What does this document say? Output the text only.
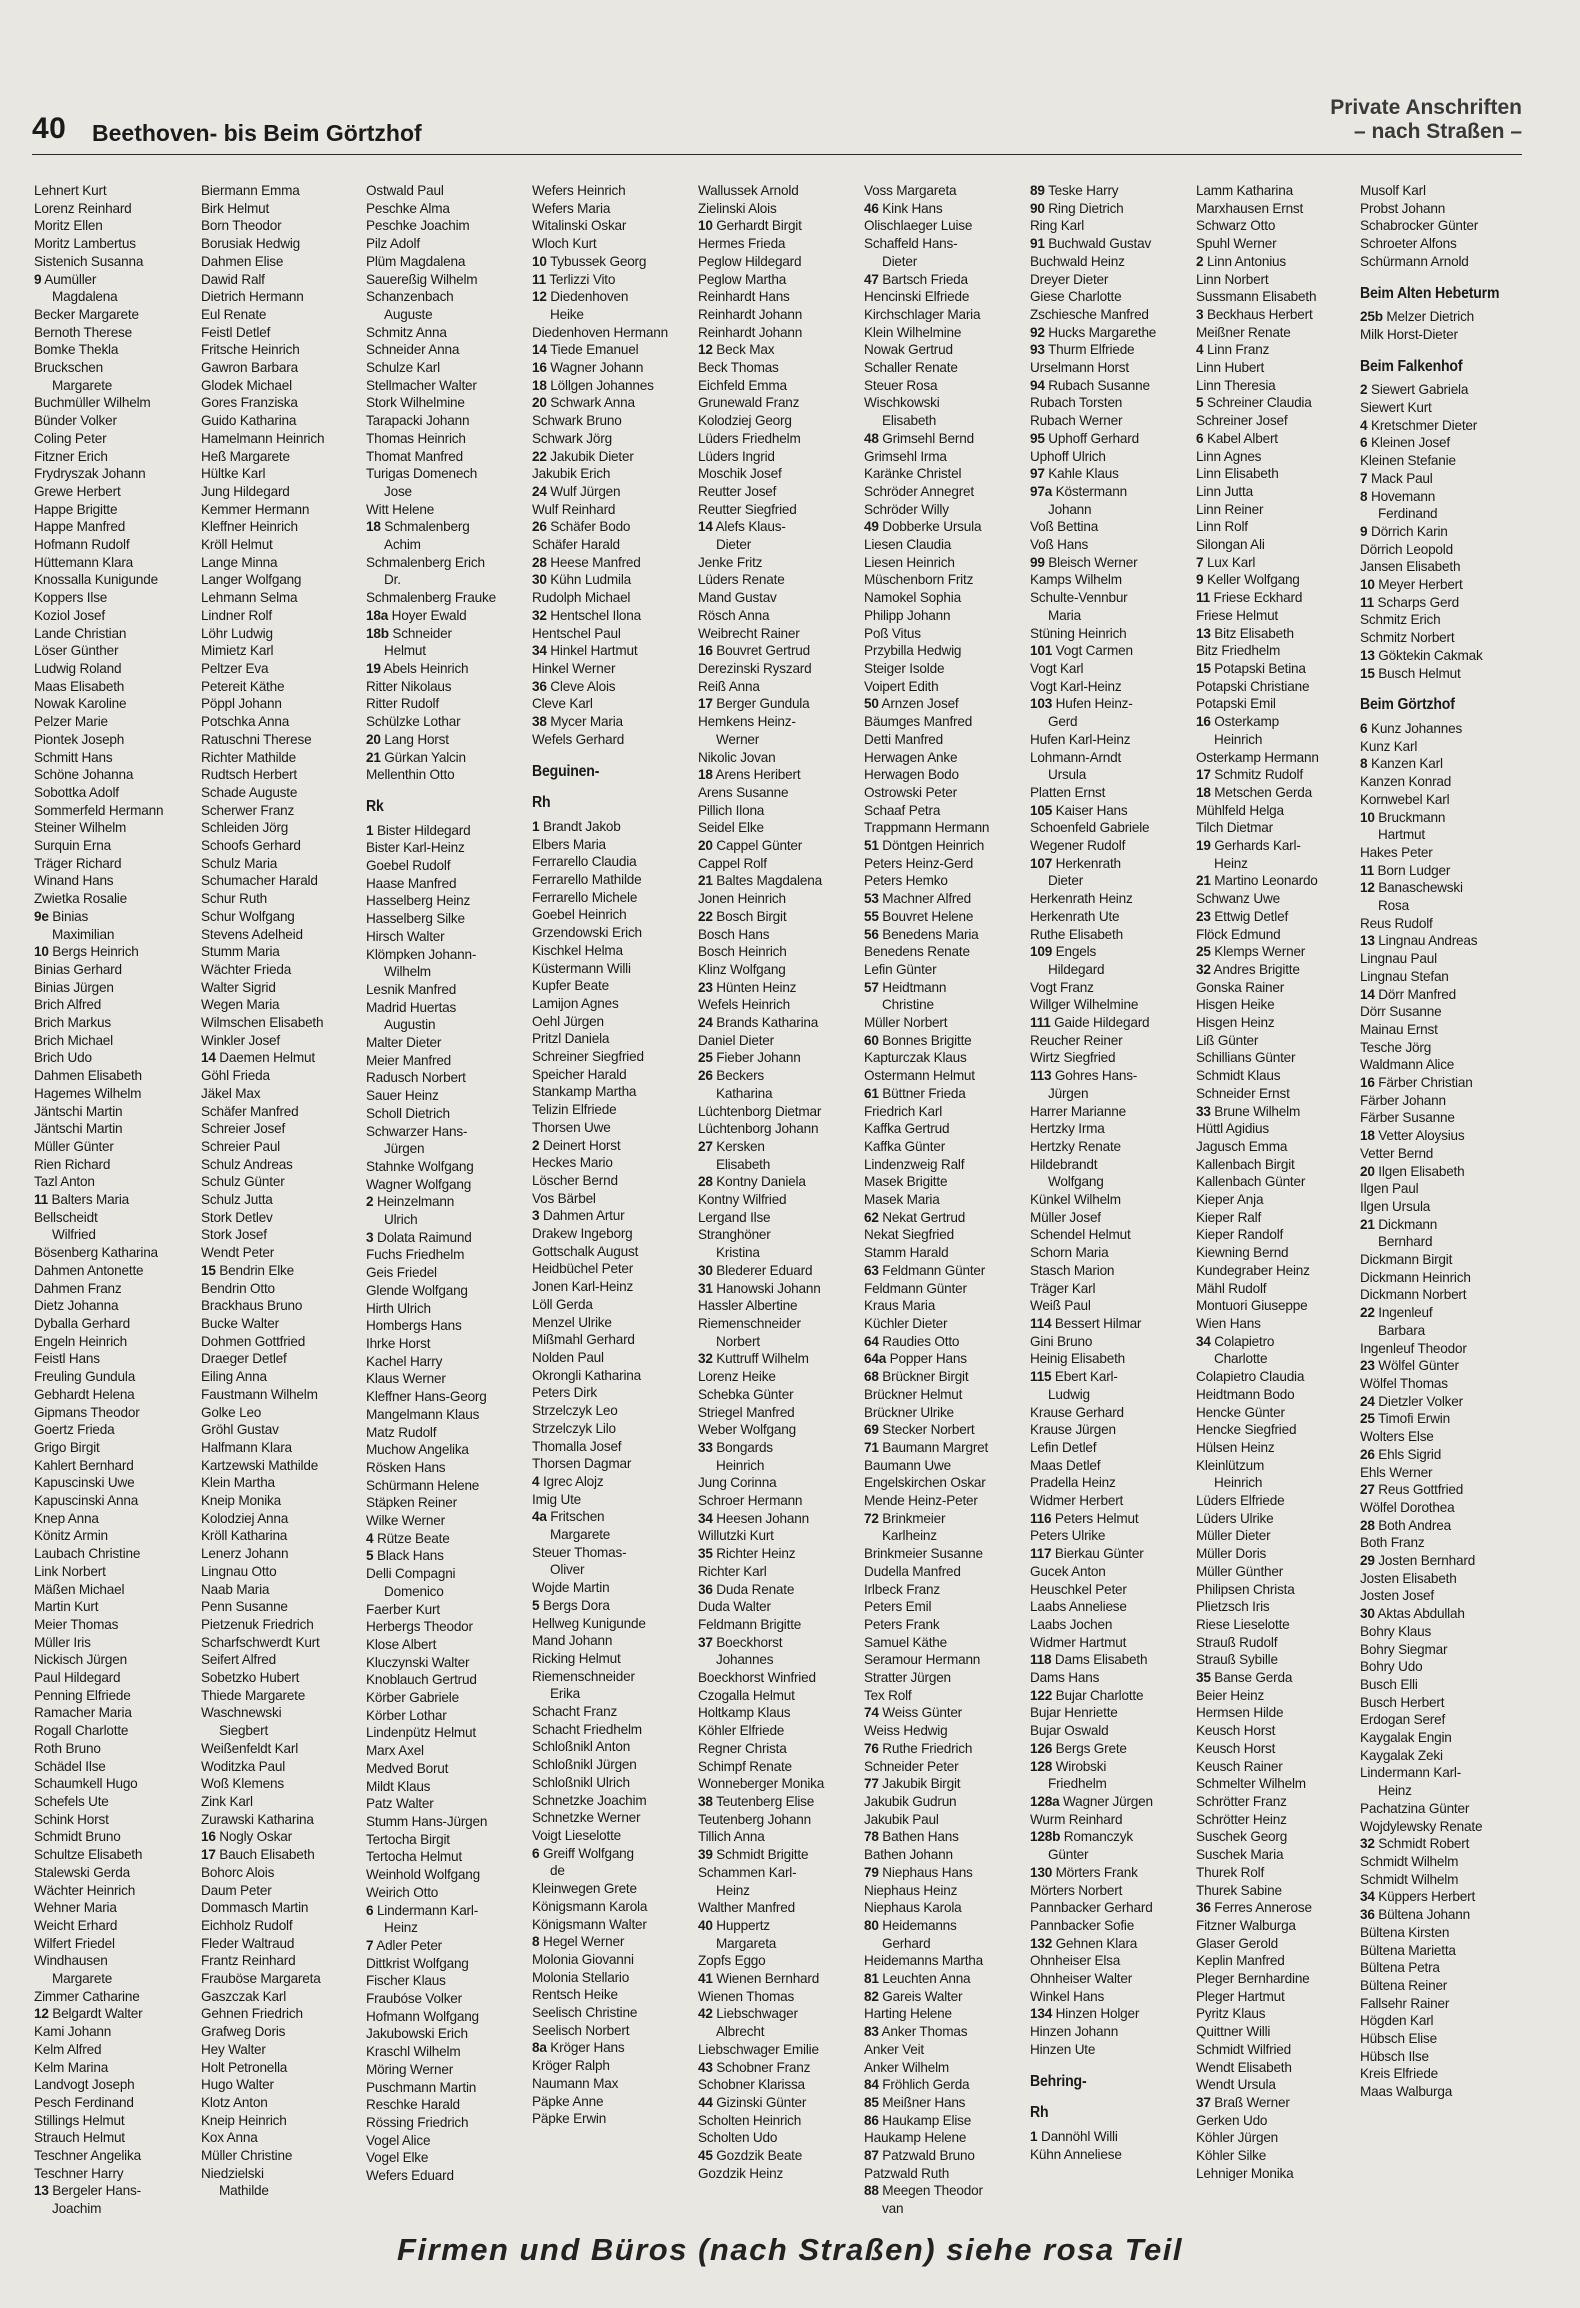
40 Beethoven- bis Beim Görtzhof
Private Anschriften
– nach Straßen –
Lehnert Kurt
Lorenz Reinhard
Moritz Ellen
Moritz Lambertus
Sistenich Susanna
9 Aumüller
Magdalena
Becker Margarete
Bernoth Therese
Bomke Thekla
Bruckschen
Margarete
Buchmüller Wilhelm
Bünder Volker
Coling Peter
Fitzner Erich
Frydryszak Johann
Grewe Herbert
Happe Brigitte
Happe Manfred
Hofmann Rudolf
Hüttemann Klara
Knossalla Kunigunde
Koppers Ilse
Koziol Josef
Lande Christian
Löser Günther
Ludwig Roland
Maas Elisabeth
Nowak Karoline
Pelzer Marie
Piontek Joseph
Schmitt Hans
Schöne Johanna
Sobottka Adolf
Sommerfeld Hermann
Steiner Wilhelm
Surquin Erna
Träger Richard
Winand Hans
Zwietka Rosalie
9e Binias
Maximilian
10 Bergs Heinrich
Binias Gerhard
Binias Jürgen
Brich Alfred
Brich Markus
Brich Michael
Brich Udo
Dahmen Elisabeth
Hagemes Wilhelm
Jäntschi Martin
Jäntschi Martin
Müller Günter
Rien Richard
Tazl Anton
11 Balters Maria
Bellscheidt
Wilfried
Bösenberg Katharina
Dahmen Antonette
Dahmen Franz
Dietz Johanna
Dyballa Gerhard
Engeln Heinrich
Feistl Hans
Freuling Gundula
Gebhardt Helena
Gipmans Theodor
Goertz Frieda
Grigo Birgit
Kahlert Bernhard
Kapuscinski Uwe
Kapuscinski Anna
Knep Anna
Könitz Armin
Laubach Christine
Link Norbert
Mäßen Michael
Martin Kurt
Meier Thomas
Müller Iris
Nickisch Jürgen
Paul Hildegard
Penning Elfriede
Ramacher Maria
Rogall Charlotte
Roth Bruno
Schädel Ilse
Schaumkell Hugo
Schefels Ute
Schink Horst
Schmidt Bruno
Schultze Elisabeth
Stalewski Gerda
Wächter Heinrich
Wehner Maria
Weicht Erhard
Wilfert Friedel
Windhausen
Margarete
Zimmer Catharine
12 Belgardt Walter
Kami Johann
Kelm Alfred
Kelm Marina
Landvogt Joseph
Pesch Ferdinand
Stillings Helmut
Strauch Helmut
Teschner Angelika
Teschner Harry
13 Bergeler Hans-
Joachim
Biermann Emma
Birk Helmut
Born Theodor
Borusiak Hedwig
Dahmen Elise
Dawid Ralf
Dietrich Hermann
Eul Renate
Feistl Detlef
Fritsche Heinrich
Gawron Barbara
Glodek Michael
Gores Franziska
Guido Katharina
Hamelmann Heinrich
Heß Margarete
Hültke Karl
Jung Hildegard
Kemmer Hermann
Kleffner Heinrich
Kröll Helmut
Lange Minna
Langer Wolfgang
Lehmann Selma
Lindner Rolf
Löhr Ludwig
Mimietz Karl
Peltzer Eva
Petereit Käthe
Pöppl Johann
Potschka Anna
Ratuschni Therese
Richter Mathilde
Rudtsch Herbert
Schade Auguste
Scherwer Franz
Schleiden Jörg
Schoofs Gerhard
Schulz Maria
Schumacher Harald
Schur Ruth
Schur Wolfgang
Stevens Adelheid
Stumm Maria
Wächter Frieda
Walter Sigrid
Wegen Maria
Wilmschen Elisabeth
Winkler Josef
14 Daemen Helmut
Göhl Frieda
Jäkel Max
Schäfer Manfred
Schreier Josef
Schreier Paul
Schulz Andreas
Schulz Günter
Schulz Jutta
Stork Detlev
Stork Josef
Wendt Peter
15 Bendrin Elke
Bendrin Otto
Brackhaus Bruno
Bucke Walter
Dohmen Gottfried
Draeger Detlef
Eiling Anna
Faustmann Wilhelm
Golke Leo
Gröhl Gustav
Halfmann Klara
Kartzewski Mathilde
Klein Martha
Kneip Monika
Kolodziej Anna
Kröll Katharina
Lenerz Johann
Lingnau Otto
Naab Maria
Penn Susanne
Pietzenuk Friedrich
Scharfschwerdt Kurt
Seifert Alfred
Sobetzko Hubert
Thiede Margarete
Waschnewski
Siegbert
Weißenfeldt Karl
Woditzka Paul
Woß Klemens
Zink Karl
Zurawski Katharina
16 Nogly Oskar
17 Bauch Elisabeth
Bohorc Alois
Daum Peter
Dommasch Martin
Eichholz Rudolf
Fleder Waltraud
Frantz Reinhard
Frauböse Margareta
Gaszczak Karl
Gehnen Friedrich
Grafweg Doris
Hey Walter
Holt Petronella
Hugo Walter
Klotz Anton
Kneip Heinrich
Kox Anna
Müller Christine
Niedzielski
Mathilde
Ostwald Paul
Peschke Alma
Peschke Joachim
Pilz Adolf
Plüm Magdalena
Sauereßig Wilhelm
Schanzenbach
Auguste
Schmitz Anna
Schneider Anna
Schulze Karl
Stellmacher Walter
Stork Wilhelmine
Tarapacki Johann
Thomas Heinrich
Thomat Manfred
Turigas Domenech
Jose
Witt Helene
18 Schmalenberg
Achim
Schmalenberg Erich
Dr.
Schmalenberg Frauke
18a Hoyer Ewald
18b Schneider
Helmut
19 Abels Heinrich
Ritter Nikolaus
Ritter Rudolf
Schülzke Lothar
20 Lang Horst
21 Gürkan Yalcin
Mellenthin Otto
Rk
1 Bister Hildegard
Bister Karl-Heinz
Goebel Rudolf
Haase Manfred
Hasselberg Heinz
Hasselberg Silke
Hirsch Walter
Klömpken Johann-
Wilhelm
Lesnik Manfred
Madrid Huertas
Augustin
Malter Dieter
Meier Manfred
Radusch Norbert
Sauer Heinz
Scholl Dietrich
Schwarzer Hans-
Jürgen
Stahnke Wolfgang
Wagner Wolfgang
2 Heinzelmann
Ulrich
3 Dolata Raimund
Fuchs Friedhelm
Geis Friedel
Glende Wolfgang
Hirth Ulrich
Hombergs Hans
Ihrke Horst
Kachel Harry
Klaus Werner
Kleffner Hans-Georg
Mangelmann Klaus
Matz Rudolf
Muchow Angelika
Rösken Hans
Schürmann Helene
Stäpken Reiner
Wilke Werner
4 Rütze Beate
5 Black Hans
Delli Compagni
Domenico
Faerber Kurt
Herbergs Theodor
Klose Albert
Kluczynski Walter
Knoblauch Gertrud
Körber Gabriele
Körber Lothar
Lindenpütz Helmut
Marx Axel
Medved Borut
Mildt Klaus
Patz Walter
Stumm Hans-Jürgen
Tertocha Birgit
Tertocha Helmut
Weinhold Wolfgang
Weirich Otto
6 Lindermann Karl-
Heinz
7 Adler Peter
Dittkrist Wolfgang
Fischer Klaus
Fraubóse Volker
Hofmann Wolfgang
Jakubowski Erich
Kraschl Wilhelm
Möring Werner
Puschmann Martin
Reschke Harald
Rössing Friedrich
Vogel Alice
Vogel Elke
Wefers Eduard
Wefers Heinrich
Wefers Maria
Witalinski Oskar
Wloch Kurt
10 Tybussek Georg
11 Terlizzi Vito
12 Diedenhoven
Heike
Diedenhoven Hermann
14 Tiede Emanuel
16 Wagner Johann
18 Löllgen Johannes
20 Schwark Anna
Schwark Bruno
Schwark Jörg
22 Jakubik Dieter
Jakubik Erich
24 Wulf Jürgen
Wulf Reinhard
26 Schäfer Bodo
Schäfer Harald
28 Heese Manfred
30 Kühn Ludmila
Rudolph Michael
32 Hentschel Ilona
Hentschel Paul
34 Hinkel Hartmut
Hinkel Werner
36 Cleve Alois
Cleve Karl
38 Mycer Maria
Wefels Gerhard
Beguinen-
Rh
1 Brandt Jakob
Elbers Maria
Ferrarello Claudia
Ferrarello Mathilde
Ferrarello Michele
Goebel Heinrich
Grzendowski Erich
Kischkel Helma
Küstermann Willi
Kupfer Beate
Lamijon Agnes
Oehl Jürgen
Pritzl Daniela
Schreiner Siegfried
Speicher Harald
Stankamp Martha
Telizin Elfriede
Thorsen Uwe
2 Deinert Horst
Heckes Mario
Löscher Bernd
Vos Bärbel
3 Dahmen Artur
Drakew Ingeborg
Gottschalk August
Heidbüchel Peter
Jonen Karl-Heinz
Löll Gerda
Menzel Ulrike
Mißmahl Gerhard
Nolden Paul
Okrongli Katharina
Peters Dirk
Strzelczyk Leo
Strzelczyk Lilo
Thomalla Josef
Thorsen Dagmar
4 Igrec Alojz
Imig Ute
4a Fritschen
Margarete
Steuer Thomas-
Oliver
Wojde Martin
5 Bergs Dora
Hellweg Kunigunde
Mand Johann
Ricking Helmut
Riemenschneider
Erika
Schacht Franz
Schacht Friedhelm
Schloßnikl Anton
Schloßnikl Jürgen
Schloßnikl Ulrich
Schnetzke Joachim
Schnetzke Werner
Voigt Lieselotte
6 Greiff Wolfgang
de
Kleinwegen Grete
Königsmann Karola
Königsmann Walter
8 Hegel Werner
Molonia Giovanni
Molonia Stellario
Rentsch Heike
Seelisch Christine
Seelisch Norbert
8a Kröger Hans
Kröger Ralph
Naumann Max
Päpke Anne
Päpke Erwin
Wallussek Arnold
Zielinski Alois
10 Gerhardt Birgit
Hermes Frieda
Peglow Hildegard
Peglow Martha
Reinhardt Hans
Reinhardt Johann
Reinhardt Johann
12 Beck Max
Beck Thomas
Eichfeld Emma
Grunewald Franz
Kolodziej Georg
Lüders Friedhelm
Lüders Ingrid
Moschik Josef
Reutter Josef
Reutter Siegfried
14 Alefs Klaus-
Dieter
Jenke Fritz
Lüders Renate
Mand Gustav
Rösch Anna
Weibrecht Rainer
16 Bouvret Gertrud
Derezinski Ryszard
Reiß Anna
17 Berger Gundula
Hemkens Heinz-
Werner
Nikolic Jovan
18 Arens Heribert
Arens Susanne
Pillich Ilona
Seidel Elke
20 Cappel Günter
Cappel Rolf
21 Baltes Magdalena
Jonen Heinrich
22 Bosch Birgit
Bosch Hans
Bosch Heinrich
Klinz Wolfgang
23 Hünten Heinz
Wefels Heinrich
24 Brands Katharina
Daniel Dieter
25 Fieber Johann
26 Beckers
Katharina
Lüchtenborg Dietmar
Lüchtenborg Johann
27 Kersken
Elisabeth
28 Kontny Daniela
Kontny Wilfried
Lergand Ilse
Stranghöner
Kristina
30 Blederer Eduard
31 Hanowski Johann
Hassler Albertine
Riemenschneider
Norbert
32 Kuttruff Wilhelm
Lorenz Heike
Schebka Günter
Striegel Manfred
Weber Wolfgang
33 Bongards
Heinrich
Jung Corinna
Schroer Hermann
34 Heesen Johann
Willutzki Kurt
35 Richter Heinz
Richter Karl
36 Duda Renate
Duda Walter
Feldmann Brigitte
37 Boeckhorst
Johannes
Boeckhorst Winfried
Czogalla Helmut
Holtkamp Klaus
Köhler Elfriede
Regner Christa
Schimpf Renate
Wonneberger Monika
38 Teutenberg Elise
Teutenberg Johann
Tillich Anna
39 Schmidt Brigitte
Schammen Karl-
Heinz
Walther Manfred
40 Huppertz
Margareta
Zopfs Eggo
41 Wienen Bernhard
Wienen Thomas
42 Liebschwager
Albrecht
Liebschwager Emilie
43 Schobner Franz
Schobner Klarissa
44 Gizinski Günter
Scholten Heinrich
Scholten Udo
45 Gozdzik Beate
Gozdzik Heinz
Voss Margareta
46 Kink Hans
Olischlaeger Luise
Schaffeld Hans-
Dieter
47 Bartsch Frieda
Hencinski Elfriede
Kirchschlager Maria
Klein Wilhelmine
Nowak Gertrud
Schaller Renate
Steuer Rosa
Wischkowski
Elisabeth
48 Grimsehl Bernd
Grimsehl Irma
Karänke Christel
Schröder Annegret
Schröder Willy
49 Dobberke Ursula
Liesen Claudia
Liesen Heinrich
Müschenborn Fritz
Namokel Sophia
Philipp Johann
Poß Vitus
Przybilla Hedwig
Steiger Isolde
Voipert Edith
50 Arnzen Josef
Bäumges Manfred
Detti Manfred
Herwagen Anke
Herwagen Bodo
Ostrowski Peter
Schaaf Petra
Trappmann Hermann
51 Döntgen Heinrich
Peters Heinz-Gerd
Peters Hemko
53 Machner Alfred
55 Bouvret Helene
56 Benedens Maria
Benedens Renate
Lefin Günter
57 Heidtmann
Christine
Müller Norbert
60 Bonnes Brigitte
Kapturczak Klaus
Ostermann Helmut
61 Büttner Frieda
Friedrich Karl
Kaffka Gertrud
Kaffka Günter
Lindenzweig Ralf
Masek Brigitte
Masek Maria
62 Nekat Gertrud
Nekat Siegfried
Stamm Harald
63 Feldmann Günter
Feldmann Günter
Kraus Maria
Küchler Dieter
64 Raudies Otto
64a Popper Hans
68 Brückner Birgit
Brückner Helmut
Brückner Ulrike
69 Stecker Norbert
71 Baumann Margret
Baumann Uwe
Engelskirchen Oskar
Mende Heinz-Peter
72 Brinkmeier
Karlheinz
Brinkmeier Susanne
Dudella Manfred
Irlbeck Franz
Peters Emil
Peters Frank
Samuel Käthe
Seramour Hermann
Stratter Jürgen
Tex Rolf
74 Weiss Günter
Weiss Hedwig
76 Ruthe Friedrich
Schneider Peter
77 Jakubik Birgit
Jakubik Gudrun
Jakubik Paul
78 Bathen Hans
Bathen Johann
79 Niephaus Hans
Niephaus Heinz
Niephaus Karola
80 Heidemanns
Gerhard
Heidemanns Martha
81 Leuchten Anna
82 Gareis Walter
Harting Helene
83 Anker Thomas
Anker Veit
Anker Wilhelm
84 Fröhlich Gerda
85 Meißner Hans
86 Haukamp Elise
Haukamp Helene
87 Patzwald Bruno
Patzwald Ruth
88 Meegen Theodor
van
89 Teske Harry
90 Ring Dietrich
Ring Karl
91 Buchwald Gustav
Buchwald Heinz
Dreyer Dieter
Giese Charlotte
Zschiesche Manfred
92 Hucks Margarethe
93 Thurm Elfriede
Urselmann Horst
94 Rubach Susanne
Rubach Torsten
Rubach Werner
95 Uphoff Gerhard
Uphoff Ulrich
97 Kahle Klaus
97a Köstermann
Johann
Voß Bettina
Voß Hans
99 Bleisch Werner
Kamps Wilhelm
Schulte-Vennbur
Maria
Stüning Heinrich
101 Vogt Carmen
Vogt Karl
Vogt Karl-Heinz
103 Hufen Heinz-
Gerd
Hufen Karl-Heinz
Lohmann-Arndt
Ursula
Platten Ernst
105 Kaiser Hans
Schoenfeld Gabriele
Wegener Rudolf
107 Herkenrath
Dieter
Herkenrath Heinz
Herkenrath Ute
Ruthe Elisabeth
109 Engels
Hildegard
Vogt Franz
Willger Wilhelmine
111 Gaide Hildegard
Reucher Reiner
Wirtz Siegfried
113 Gohres Hans-
Jürgen
Harrer Marianne
Hertzky Irma
Hertzky Renate
Hildebrandt
Wolfgang
Künkel Wilhelm
Müller Josef
Schendel Helmut
Schorn Maria
Stasch Marion
Träger Karl
Weiß Paul
114 Bessert Hilmar
Gini Bruno
Heinig Elisabeth
115 Ebert Karl-
Ludwig
Krause Gerhard
Krause Jürgen
Lefin Detlef
Maas Detlef
Pradella Heinz
Widmer Herbert
116 Peters Helmut
Peters Ulrike
117 Bierkau Günter
Gucek Anton
Heuschkel Peter
Laabs Anneliese
Laabs Jochen
Widmer Hartmut
118 Dams Elisabeth
Dams Hans
122 Bujar Charlotte
Bujar Henriette
Bujar Oswald
126 Bergs Grete
128 Wirobski
Friedhelm
128a Wagner Jürgen
Wurm Reinhard
128b Romanczyk
Günter
130 Mörters Frank
Mörters Norbert
Pannbacker Gerhard
Pannbacker Sofie
132 Gehnen Klara
Ohnheiser Elsa
Ohnheiser Walter
Winkel Hans
134 Hinzen Holger
Hinzen Johann
Hinzen Ute
Behring-
Rh
1 Dannöhl Willi
Kühn Anneliese
Lamm Katharina
Marxhausen Ernst
Schwarz Otto
Spuhl Werner
2 Linn Antonius
Linn Norbert
Sussmann Elisabeth
3 Beckhaus Herbert
Meißner Renate
4 Linn Franz
Linn Hubert
Linn Theresia
5 Schreiner Claudia
Schreiner Josef
6 Kabel Albert
Linn Agnes
Linn Elisabeth
Linn Jutta
Linn Reiner
Linn Rolf
Silongan Ali
7 Lux Karl
9 Keller Wolfgang
11 Friese Eckhard
Friese Helmut
13 Bitz Elisabeth
Bitz Friedhelm
15 Potapski Betina
Potapski Christiane
Potapski Emil
16 Osterkamp
Heinrich
Osterkamp Hermann
17 Schmitz Rudolf
18 Metschen Gerda
Mühlfeld Helga
Tilch Dietmar
19 Gerhards Karl-
Heinz
21 Martino Leonardo
Schwanz Uwe
23 Ettwig Detlef
Flöck Edmund
25 Klemps Werner
32 Andres Brigitte
Gonska Rainer
Hisgen Heike
Hisgen Heinz
Liß Günter
Schillians Günter
Schmidt Klaus
Schneider Ernst
33 Brune Wilhelm
Hüttl Agidius
Jagusch Emma
Kallenbach Birgit
Kallenbach Günter
Kieper Anja
Kieper Ralf
Kieper Randolf
Kiewning Bernd
Kundegraber Heinz
Mähl Rudolf
Montuori Giuseppe
Wien Hans
34 Colapietro
Charlotte
Colapietro Claudia
Heidtmann Bodo
Hencke Günter
Hencke Siegfried
Hülsen Heinz
Kleinlützum
Heinrich
Lüders Elfriede
Lüders Ulrike
Müller Dieter
Müller Doris
Müller Günther
Philipsen Christa
Plietzsch Iris
Riese Lieselotte
Strauß Rudolf
Strauß Sybille
35 Banse Gerda
Beier Heinz
Hermsen Hilde
Keusch Horst
Keusch Horst
Keusch Rainer
Schmelter Wilhelm
Schrötter Franz
Schrötter Heinz
Suschek Georg
Suschek Maria
Thurek Rolf
Thurek Sabine
36 Ferres Annerose
Fitzner Walburga
Glaser Gerold
Keplin Manfred
Pleger Bernhardine
Pleger Hartmut
Pyritz Klaus
Quittner Willi
Schmidt Wilfried
Wendt Elisabeth
Wendt Ursula
37 Braß Werner
Gerken Udo
Köhler Jürgen
Köhler Silke
Lehniger Monika
Musolf Karl
Probst Johann
Schabrocker Günter
Schroeter Alfons
Schürmann Arnold
Beim Alten Hebeturm
25b Melzer Dietrich
Milk Horst-Dieter
Beim Falkenhof
2 Siewert Gabriela
Siewert Kurt
4 Kretschmer Dieter
6 Kleinen Josef
Kleinen Stefanie
7 Mack Paul
8 Hovemann
Ferdinand
9 Dörrich Karin
Dörrich Leopold
Jansen Elisabeth
10 Meyer Herbert
11 Scharps Gerd
Schmitz Erich
Schmitz Norbert
13 Göktekin Cakmak
15 Busch Helmut
Beim Görtzhof
6 Kunz Johannes
Kunz Karl
8 Kanzen Karl
Kanzen Konrad
Kornwebel Karl
10 Bruckmann
Hartmut
Hakes Peter
11 Born Ludger
12 Banaschewski
Rosa
Reus Rudolf
13 Lingnau Andreas
Lingnau Paul
Lingnau Stefan
14 Dörr Manfred
Dörr Susanne
Mainau Ernst
Tesche Jörg
Waldmann Alice
16 Färber Christian
Färber Johann
Färber Susanne
18 Vetter Aloysius
Vetter Bernd
20 Ilgen Elisabeth
Ilgen Paul
Ilgen Ursula
21 Dickmann
Bernhard
Dickmann Birgit
Dickmann Heinrich
Dickmann Norbert
22 Ingenleuf
Barbara
Ingenleuf Theodor
23 Wölfel Günter
Wölfel Thomas
24 Dietzler Volker
25 Timofi Erwin
Wolters Else
26 Ehls Sigrid
Ehls Werner
27 Reus Gottfried
Wölfel Dorothea
28 Both Andrea
Both Franz
29 Josten Bernhard
Josten Elisabeth
Josten Josef
30 Aktas Abdullah
Bohry Klaus
Bohry Siegmar
Bohry Udo
Busch Elli
Busch Herbert
Erdogan Seref
Kaygalak Engin
Kaygalak Zeki
Lindermann Karl-
Heinz
Pachatzina Günter
Wojdylewsky Renate
32 Schmidt Robert
Schmidt Wilhelm
Schmidt Wilhelm
34 Küppers Herbert
36 Bültena Johann
Bültena Kirsten
Bültena Marietta
Bültena Petra
Bültena Reiner
Fallsehr Rainer
Högden Karl
Hübsch Elise
Hübsch Ilse
Kreis Elfriede
Maas Walburga
Firmen und Büros (nach Straßen) siehe rosa Teil
